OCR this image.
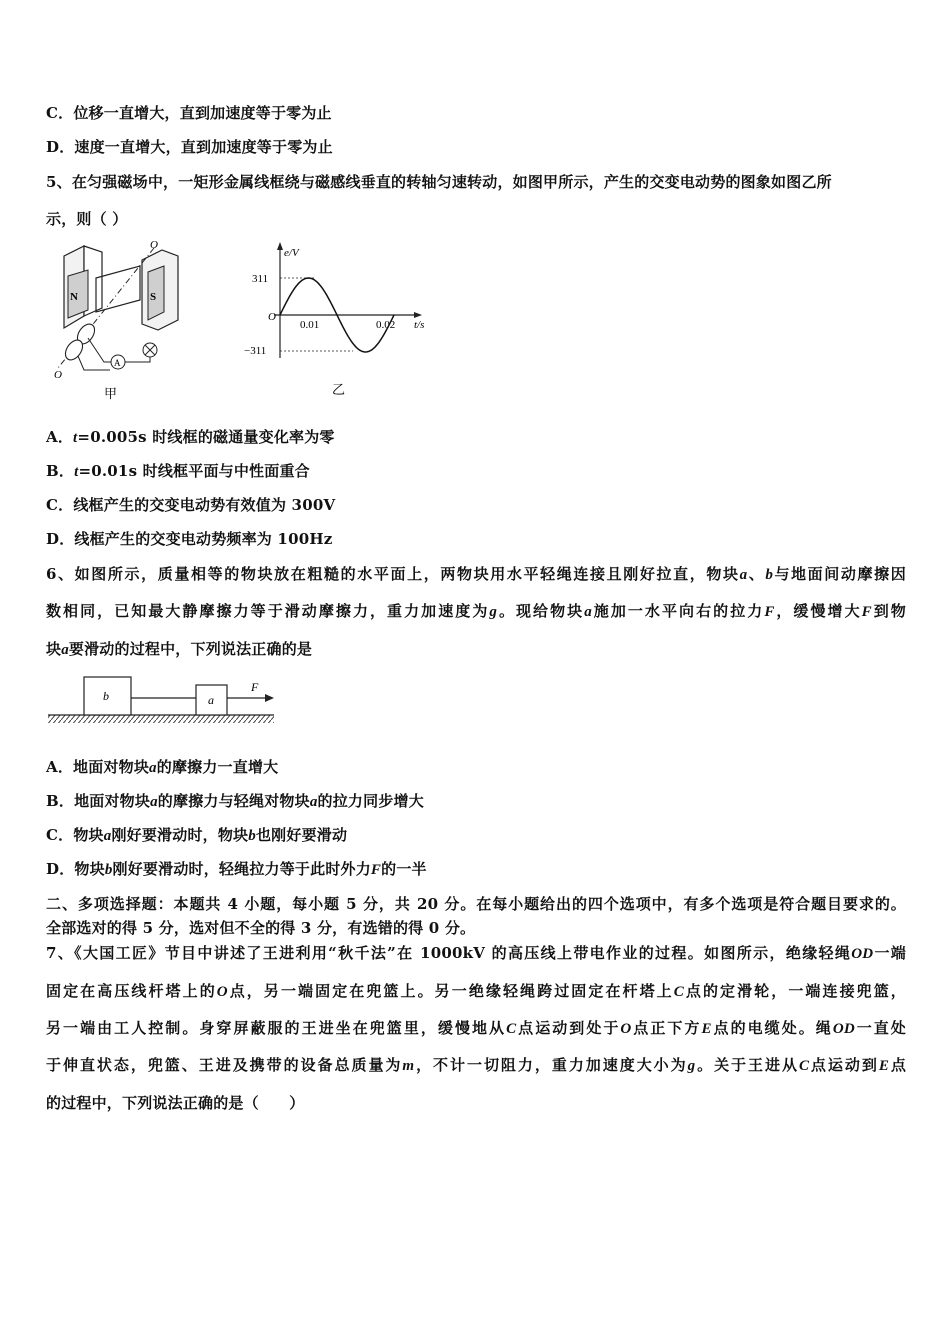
C．位移一直增大，直到加速度等于零为止
D．速度一直增大，直到加速度等于零为止
5、在匀强磁场中，一矩形金属线框绕与磁感线垂直的转轴匀速转动，如图甲所示，产生的交变电动势的图象如图乙所
示，则（ ）
N	S
O
O
A
甲
e/V
t/s
O
311
−311
0.01	0.02
乙
A．t=0.005s 时线框的磁通量变化率为零
B．t=0.01s 时线框平面与中性面重合
C．线框产生的交变电动势有效值为 300V
D．线框产生的交变电动势频率为 100Hz
6、如图所示，质量相等的物块放在粗糙的水平面上，两物块用水平轻绳连接且刚好拉直，物块a、b与地面间动摩擦因
数相同，已知最大静摩擦力等于滑动摩擦力，重力加速度为g。现给物块a施加一水平向右的拉力F，缓慢增大F到物
块a要滑动的过程中，下列说法正确的是
b	a
F
A．地面对物块a的摩擦力一直增大
B．地面对物块a的摩擦力与轻绳对物块a的拉力同步增大
C．物块a刚好要滑动时，物块b也刚好要滑动
D．物块b刚好要滑动时，轻绳拉力等于此时外力F的一半
二、多项选择题：本题共 4 小题，每小题 5 分，共 20 分。在每小题给出的四个选项中，有多个选项是符合题目要求的。
全部选对的得 5 分，选对但不全的得 3 分，有选错的得 0 分。
7、《大国工匠》节目中讲述了王进利用“秋千法”在 1000kV 的高压线上带电作业的过程。如图所示，绝缘轻绳OD一端
固定在高压线杆塔上的O点，另一端固定在兜篮上。另一绝缘轻绳跨过固定在杆塔上C点的定滑轮，一端连接兜篮，
另一端由工人控制。身穿屏蔽服的王进坐在兜篮里，缓慢地从C点运动到处于O点正下方E点的电缆处。绳OD一直处
于伸直状态，兜篮、王进及携带的设备总质量为m，不计一切阻力，重力加速度大小为g。关于王进从C点运动到E点
的过程中，下列说法正确的是（　　）
